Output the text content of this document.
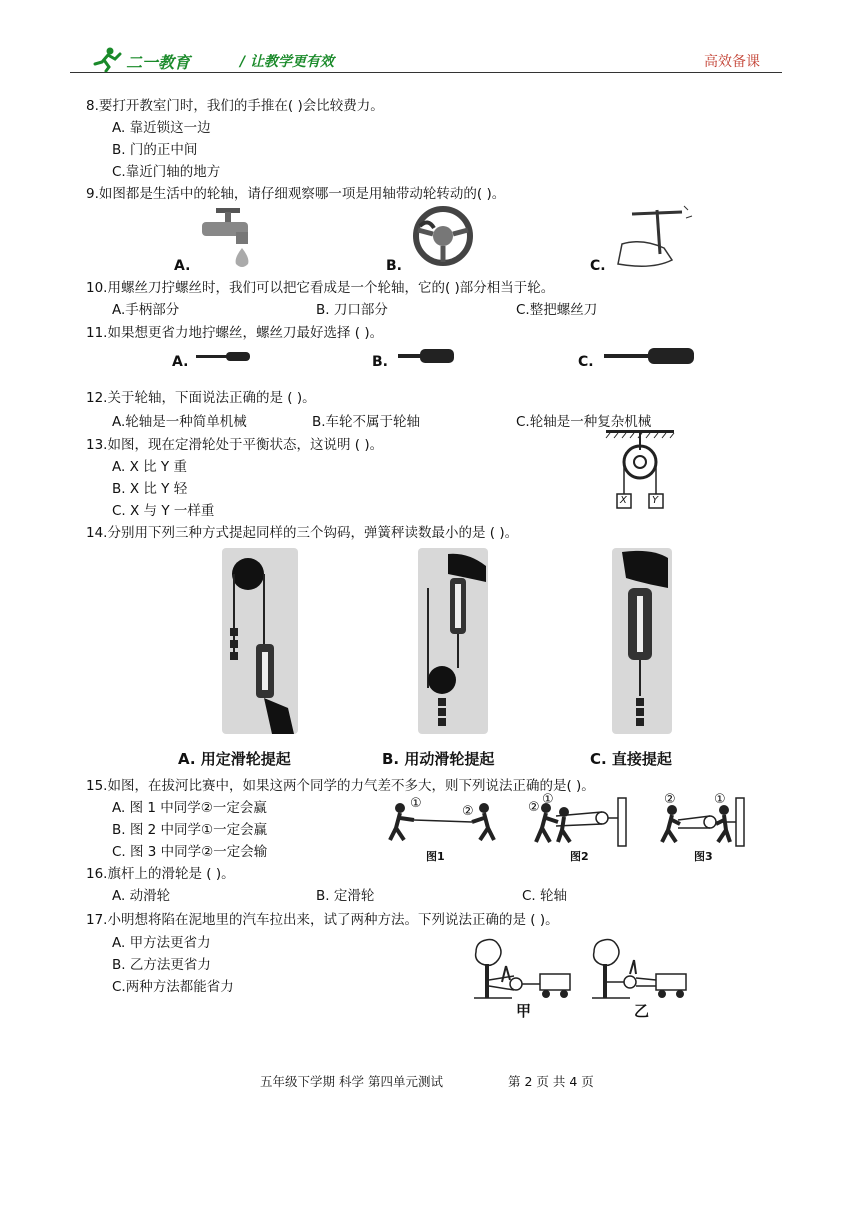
二一教育	/ 让教学更有效	高效备课
8.要打开教室门时，我们的手推在( )会比较费力。
A. 靠近锁这一边
B. 门的正中间
C.靠近门轴的地方
9.如图都是生活中的轮轴，请仔细观察哪一项是用轴带动轮转动的( )。
A.	B.	C.
10.用螺丝刀拧螺丝时，我们可以把它看成是一个轮轴，它的( )部分相当于轮。
A.手柄部分	B. 刀口部分	C.整把螺丝刀
11.如果想更省力地拧螺丝，螺丝刀最好选择 ( )。
A.	B.	C.
12.关于轮轴，下面说法正确的是 ( )。
A.轮轴是一种简单机械	B.车轮不属于轮轴	C.轮轴是一种复杂机械
13.如图，现在定滑轮处于平衡状态，这说明 ( )。
A. X 比 Y 重
B. X 比 Y 轻
C. X 与 Y 一样重
X	Y
14.分别用下列三种方式提起同样的三个钩码，弹簧秤读数最小的是 ( )。
A. 用定滑轮提起	B. 用动滑轮提起	C. 直接提起
15.如图，在拔河比赛中，如果这两个同学的力气差不多大，则下列说法正确的是( )。
A. 图 1 中同学②一定会赢
B. 图 2 中同学①一定会赢
C. 图 3 中同学②一定会输
①
②
图1
②
①
图2
②	①
图3
16.旗杆上的滑轮是 ( )。
A. 动滑轮	B. 定滑轮	C. 轮轴
17.小明想将陷在泥地里的汽车拉出来，试了两种方法。下列说法正确的是 ( )。
A. 甲方法更省力
B. 乙方法更省力
C.两种方法都能省力
甲	乙
五年级下学期 科学 第四单元测试	第 2 页 共 4 页
